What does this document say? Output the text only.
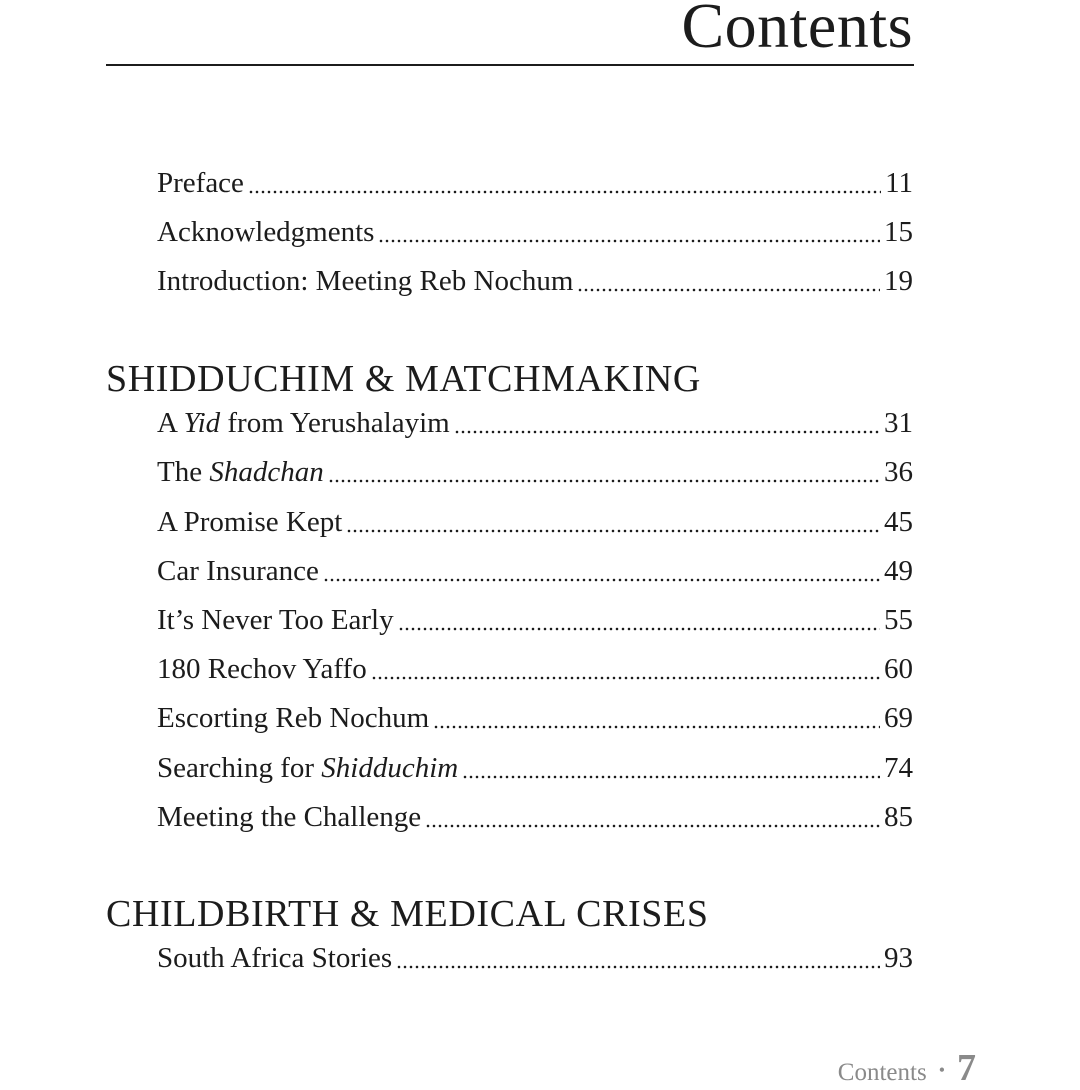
Contents
Preface	11
Acknowledgments	15
Introduction: Meeting Reb Nochum	19
SHIDDUCHIM & MATCHMAKING
A Yid from Yerushalayim	31
The Shadchan	36
A Promise Kept	45
Car Insurance	49
It’s Never Too Early	55
180 Rechov Yaffo	60
Escorting Reb Nochum	69
Searching for Shidduchim	74
Meeting the Challenge	85
CHILDBIRTH & MEDICAL CRISES
South Africa Stories	93
Contents • 7
